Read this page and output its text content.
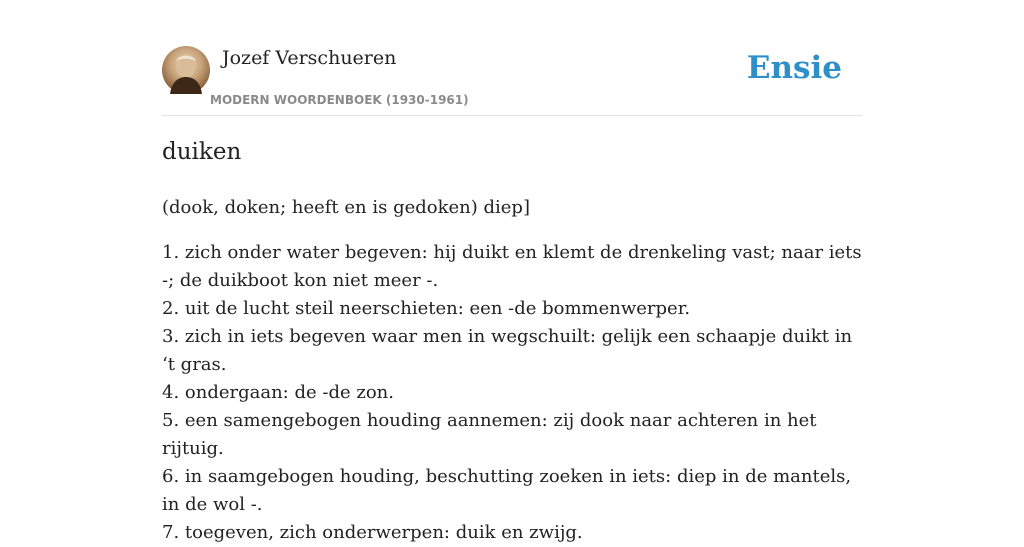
Jozef Verschueren
MODERN WOORDENBOEK (1930-1961)
Ensie
duiken
(dook, doken; heeft en is gedoken) diep]
1. zich onder water begeven: hij duikt en klemt de drenkeling vast; naar iets -; de duikboot kon niet meer -.
2. uit de lucht steil neerschieten: een -de bommenwerper.
3. zich in iets begeven waar men in wegschuilt: gelijk een schaapje duikt in ‘t gras.
4. ondergaan: de -de zon.
5. een samengebogen houding aannemen: zij dook naar achteren in het rijtuig.
6. in saamgebogen houding, beschutting zoeken in iets: diep in de mantels, in de wol -.
7. toegeven, zich onderwerpen: duik en zwijg.
